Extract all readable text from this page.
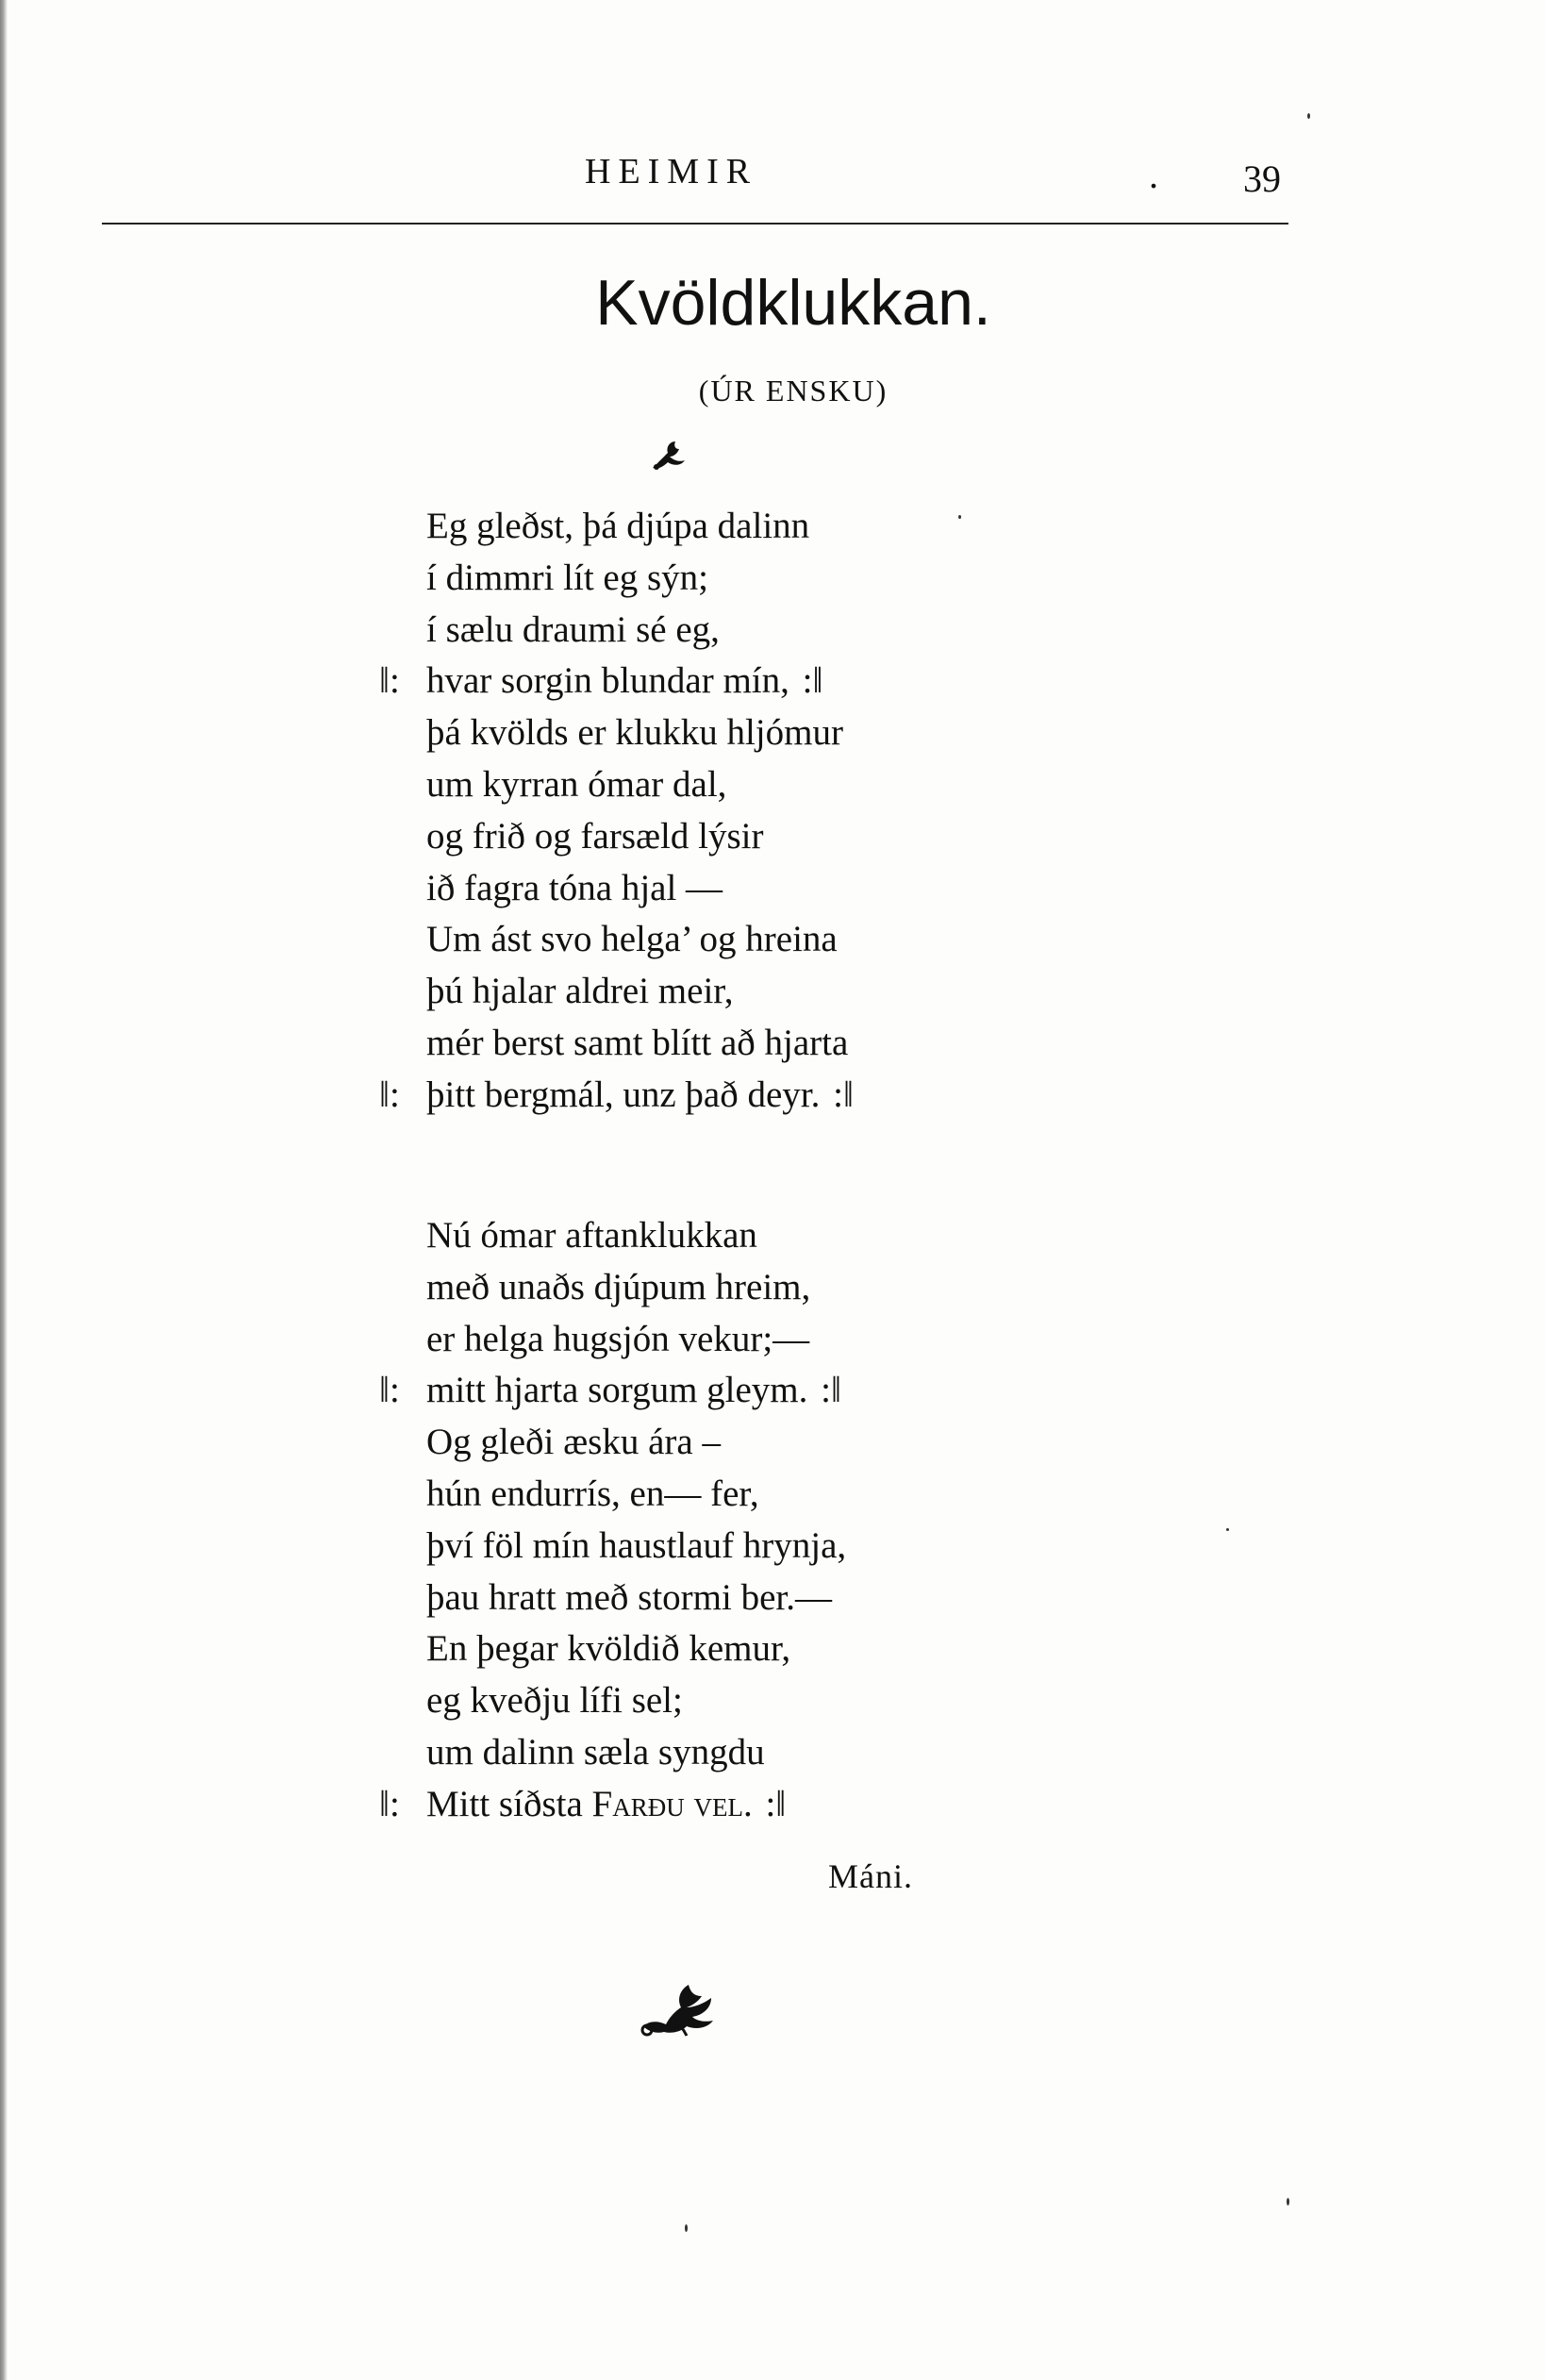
HEIMIR	. 39
Kvöldklukkan.
(ÚR ENSKU)
Eg gleðst, þá djúpa dalinn
í dimmri lít eg sýn;
í sælu draumi sé eg,
‖: hvar sorgin blundar mín, :‖
þá kvölds er klukku hljómur
um kyrran ómar dal,
og frið og farsæld lýsir
ið fagra tóna hjal —
Um ást svo helga’ og hreina
þú hjalar aldrei meir,
mér berst samt blítt að hjarta
‖: þitt bergmál, unz það deyr. :‖
Nú ómar aftanklukkan
með unaðs djúpum hreim,
er helga hugsjón vekur;—
‖: mitt hjarta sorgum gleym. :‖
Og gleði æsku ára –
hún endurrís, en— fer,
því föl mín haustlauf hrynja,
þau hratt með stormi ber.—
En þegar kvöldið kemur,
eg kveðju lífi sel;
um dalinn sæla syngdu
‖: Mitt síðsta Farðu vel. :‖
Máni.
